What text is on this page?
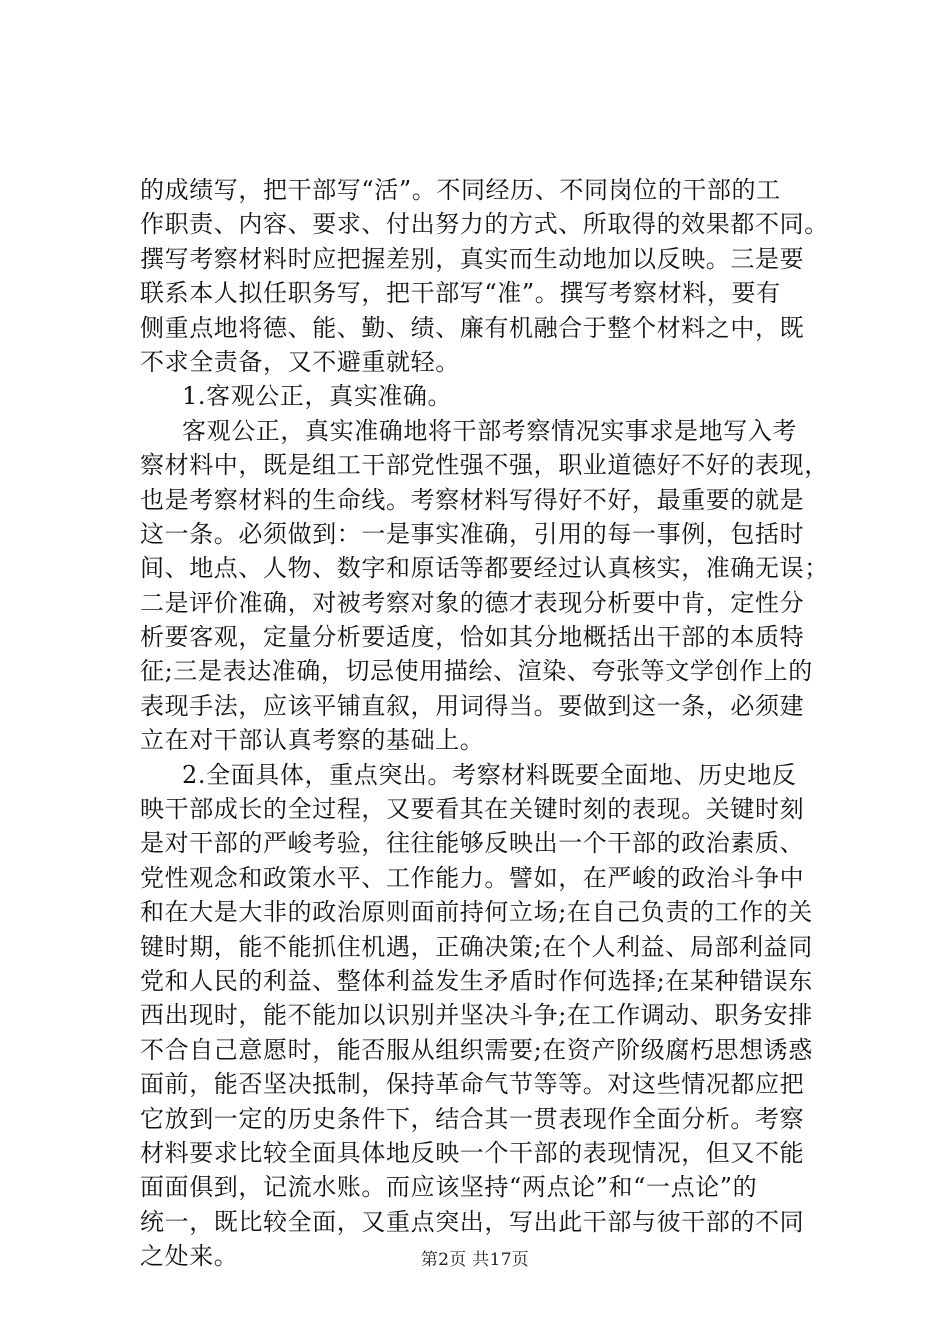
的成绩写，把干部写“活”。不同经历、不同岗位的干部的工
作职责、内容、要求、付出努力的方式、所取得的效果都不同。
撰写考察材料时应把握差别，真实而生动地加以反映。三是要
联系本人拟任职务写，把干部写“准”。撰写考察材料，要有
侧重点地将德、能、勤、绩、廉有机融合于整个材料之中，既
不求全责备，又不避重就轻。
1.客观公正，真实准确。
客观公正，真实准确地将干部考察情况实事求是地写入考
察材料中，既是组工干部党性强不强，职业道德好不好的表现，
也是考察材料的生命线。考察材料写得好不好，最重要的就是
这一条。必须做到：一是事实准确，引用的每一事例，包括时
间、地点、人物、数字和原话等都要经过认真核实，准确无误；
二是评价准确，对被考察对象的德才表现分析要中肯，定性分
析要客观，定量分析要适度，恰如其分地概括出干部的本质特
征;三是表达准确，切忌使用描绘、渲染、夸张等文学创作上的
表现手法，应该平铺直叙，用词得当。要做到这一条，必须建
立在对干部认真考察的基础上。
2.全面具体，重点突出。考察材料既要全面地、历史地反
映干部成长的全过程，又要看其在关键时刻的表现。关键时刻
是对干部的严峻考验，往往能够反映出一个干部的政治素质、
党性观念和政策水平、工作能力。譬如，在严峻的政治斗争中
和在大是大非的政治原则面前持何立场;在自己负责的工作的关
键时期，能不能抓住机遇，正确决策;在个人利益、局部利益同
党和人民的利益、整体利益发生矛盾时作何选择;在某种错误东
西出现时，能不能加以识别并坚决斗争;在工作调动、职务安排
不合自己意愿时，能否服从组织需要;在资产阶级腐朽思想诱惑
面前，能否坚决抵制，保持革命气节等等。对这些情况都应把
它放到一定的历史条件下，结合其一贯表现作全面分析。考察
材料要求比较全面具体地反映一个干部的表现情况，但又不能
面面俱到，记流水账。而应该坚持“两点论”和“一点论”的
统一，既比较全面，又重点突出，写出此干部与彼干部的不同
之处来。	第2页 共17页
